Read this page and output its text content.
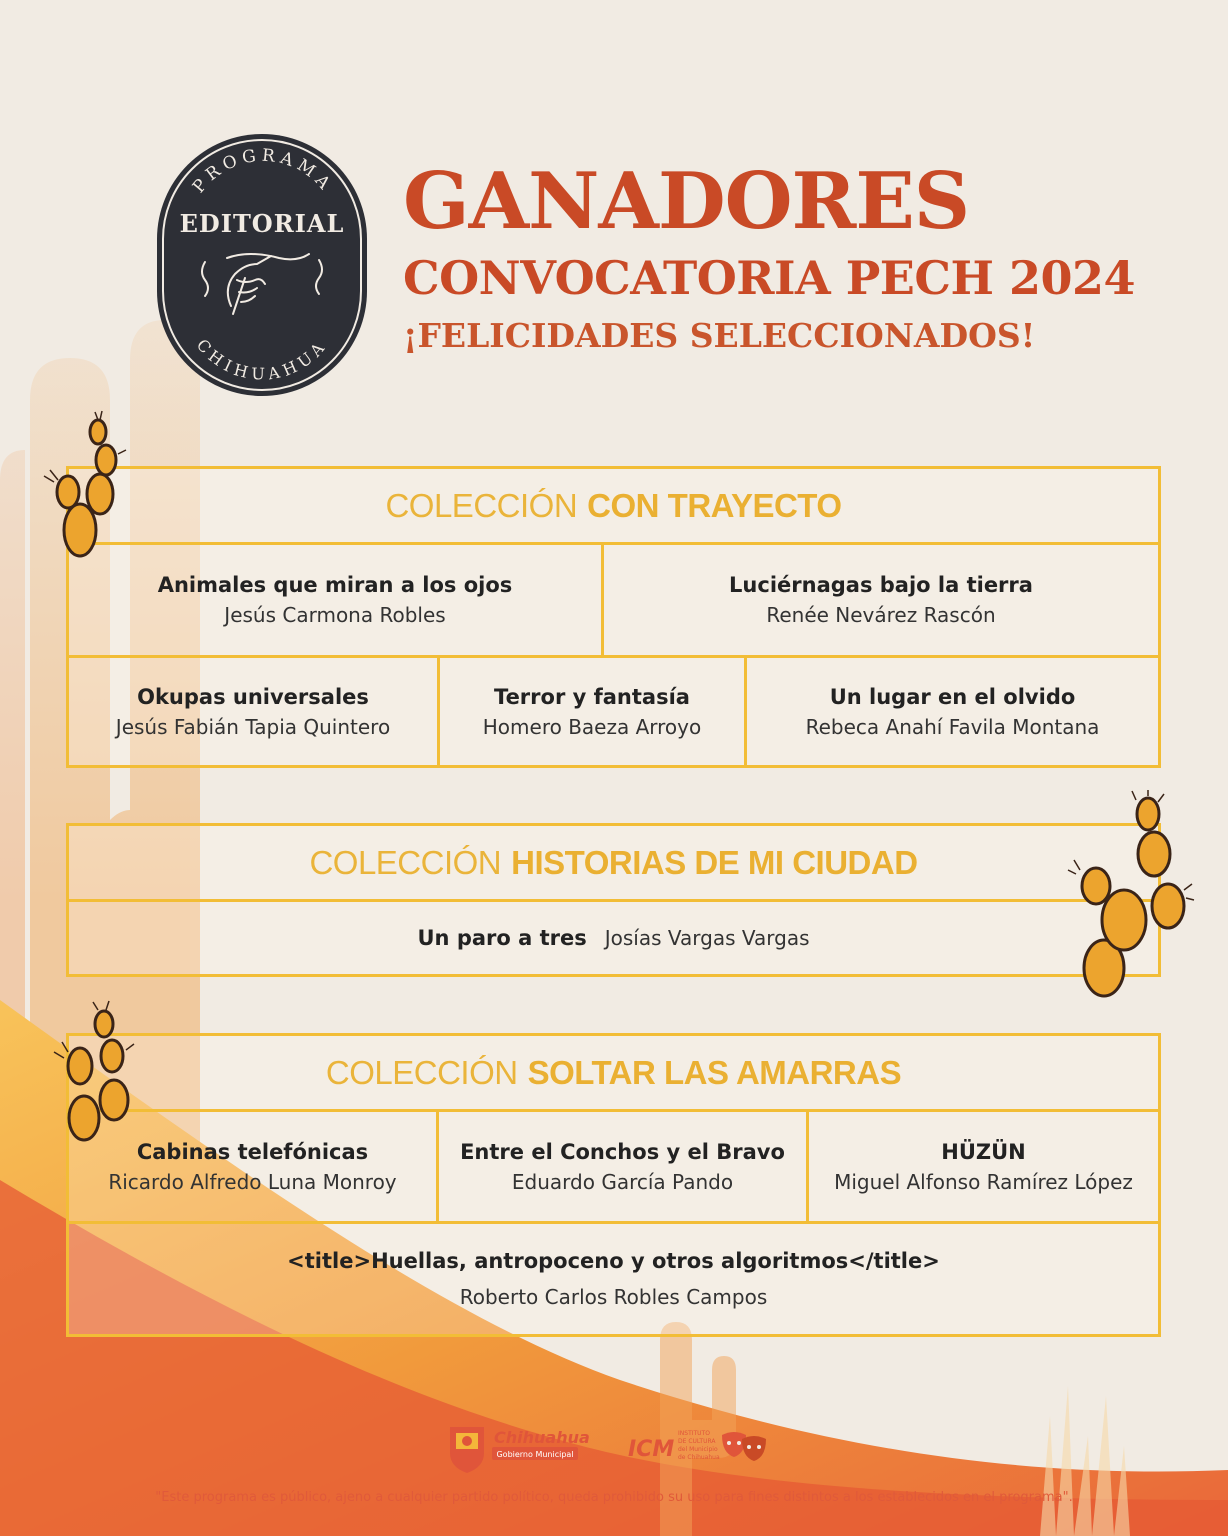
PROGRAMA
EDITORIAL
CHIHUAHUA
GANADORES
CONVOCATORIA PECH 2024
¡FELICIDADES SELECCIONADOS!
COLECCIÓN CON TRAYECTO
Animales que miran a los ojos
Jesús Carmona Robles
Luciérnagas bajo la tierra
Renée Nevárez Rascón
Okupas universales
Jesús Fabián Tapia Quintero
Terror y fantasía
Homero Baeza Arroyo
Un lugar en el olvido
Rebeca Anahí Favila Montana
COLECCIÓN HISTORIAS DE MI CIUDAD
Un paro a tres Josías Vargas Vargas
COLECCIÓN SOLTAR LAS AMARRAS
Cabinas telefónicas
Ricardo Alfredo Luna Monroy
Entre el Conchos y el Bravo
Eduardo García Pando
HÜZÜN
Miguel Alfonso Ramírez López
<title>Huellas, antropoceno y otros algoritmos</title>
Roberto Carlos Robles Campos
Chihuahua
Gobierno Municipal ICM
INSTITUTO
DE CULTURA
del Municipio
de Chihuahua
"Este programa es público, ajeno a cualquier partido político, queda prohibido su uso para fines distintos a los establecidos en el programa".
